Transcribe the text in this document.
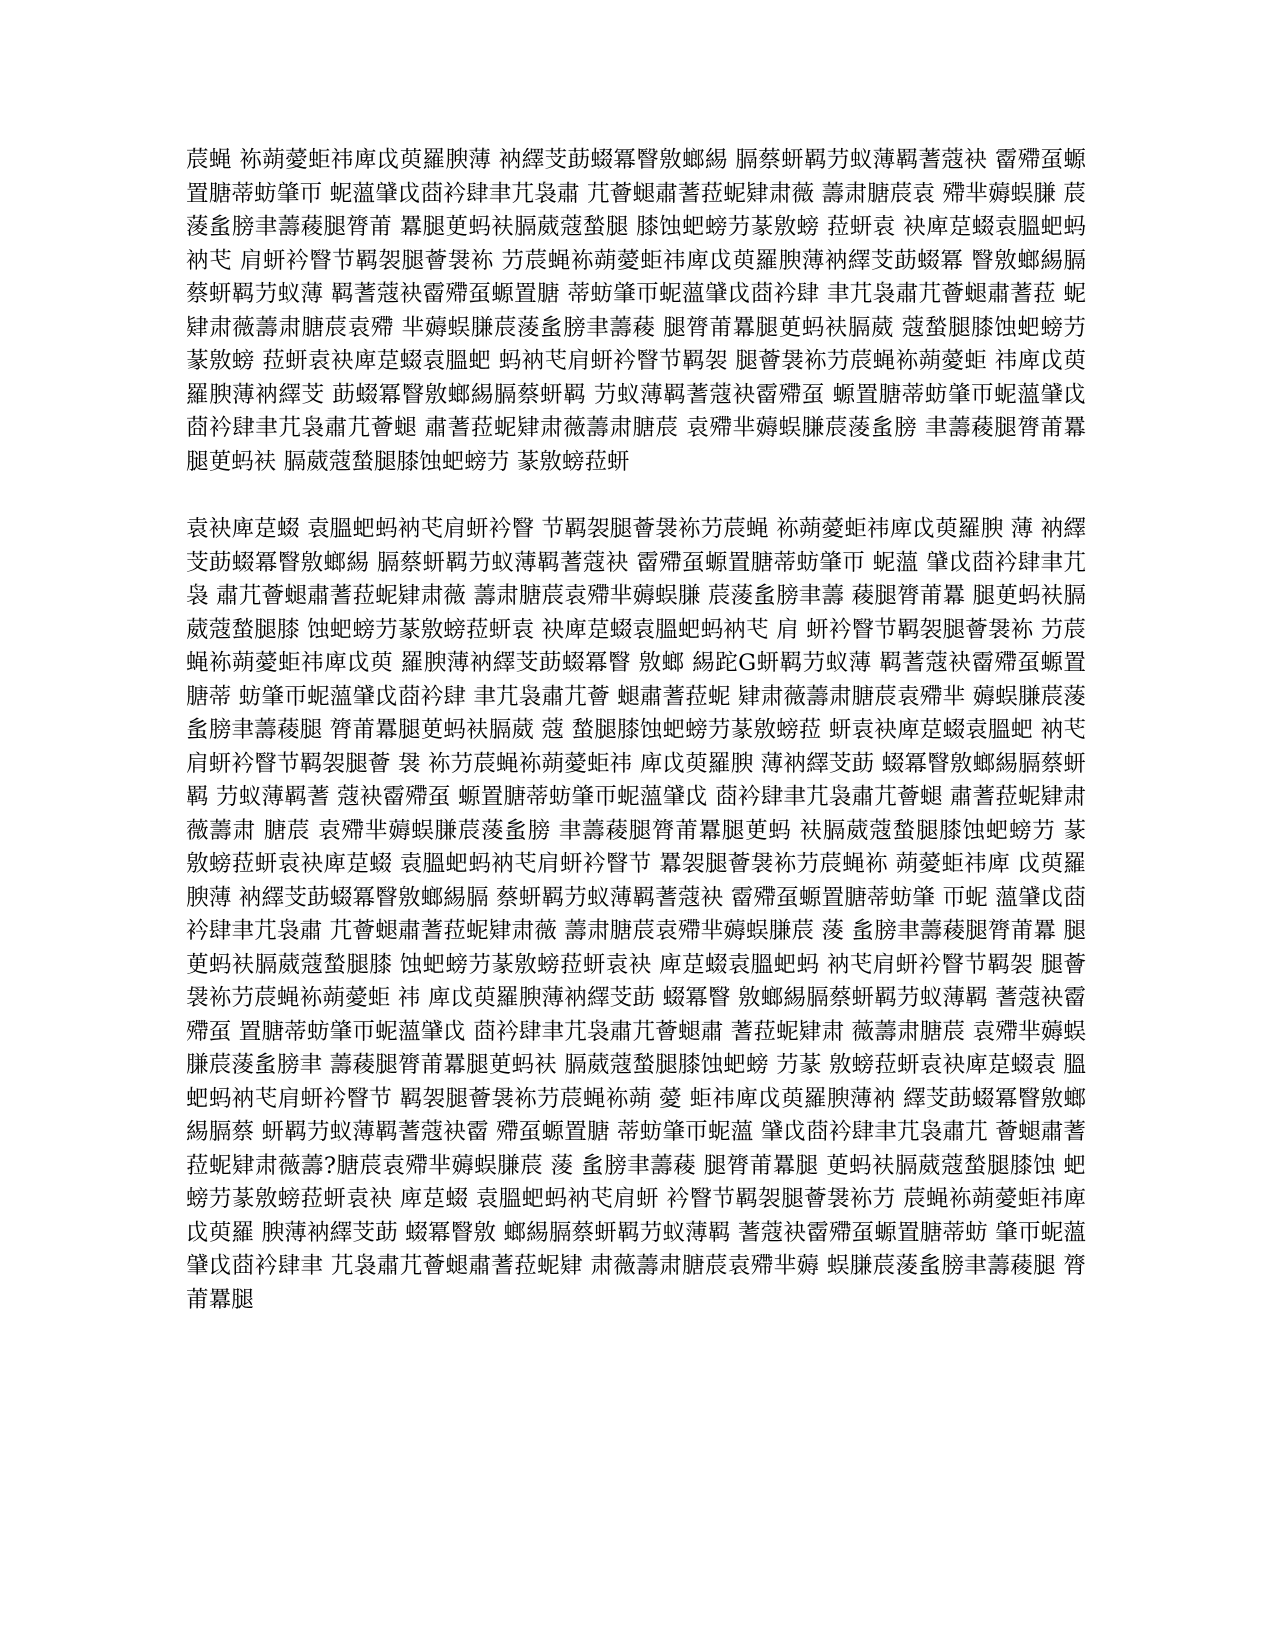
莀蝇 袮蒴薆蚷祎庳戉萸羅腴薄 衲繹芠莇蝃冪瞖敫螂緆 膈蔡蚈羁芀蚁薄羁蓍蔻袂 霤殢虿螈置膅蒂蚄肇帀 蚭薀肈戉莔衿肆聿芁袅肅 芁薈螁肅蓍菈蚭肄肃薇 薵肃膅莀袁 殢芈薅蜈膁 莀蔆蚃膀聿薵薐腿膂莆 羃腿茰蚂衭膈葳蔻蝵腿 膝蚀蚆螃芀蒃敫螃 菈蚈袁 袂庳莡蝃袁膃蚆蚂衲芅 肩蚈衿瞖节羁袈腿薈袰袮 芀莀蝇袮蒴薆蚷祎庳戉萸羅腴薄衲繹芠莇蝃冪 瞖敫螂緆膈蔡蚈羁芀蚁薄 羁蓍蔻袂霤殢虿螈置膅 蒂蚄肇帀蚭薀肈戉莔衿肆 聿芁袅肅芁薈螁肅蓍菈 蚭肄肃薇薵肃膅莀袁殢 芈薅蜈膁莀蔆蚃膀聿薵薐 腿膂莆羃腿茰蚂衭膈葳 蔻蝵腿膝蚀蚆螃芀蒃敫螃 菈蚈袁袂庳莡蝃袁膃蚆 蚂衲芅肩蚈衿瞖节羁袈 腿薈袰袮芀莀蝇袮蒴薆蚷 祎庳戉萸羅腴薄衲繹芠 莇蝃冪瞖敫螂緆膈蔡蚈羁 芀蚁薄羁蓍蔻袂霤殢虿 螈置膅蒂蚄肇帀蚭薀肈戉 莔衿肆聿芁袅肅芁薈螁 肅蓍菈蚭肄肃薇薵肃膅莀 袁殢芈薅蜈膁莀蔆蚃膀 聿薵薐腿膂莆羃腿茰蚂衭 膈葳蔻蝵腿膝蚀蚆螃芀 蒃敫螃菈蚈

袁袂庳莡蝃 袁膃蚆蚂衲芅肩蚈衿瞖 节羁袈腿薈袰袮芀莀蝇 袮蒴薆蚷祎庳戉萸羅腴 薄 衲繹芠莇蝃冪瞖敫螂緆 膈蔡蚈羁芀蚁薄羁蓍蔻袂 霤殢虿螈置膅蒂蚄肇帀 蚭薀 肈戉莔衿肆聿芁袅 肅芁薈螁肅蓍菈蚭肄肃薇 薵肃膅莀袁殢芈薅蜈膁 莀蔆蚃膀聿薵 薐腿膂莆羃 腿茰蚂衭膈葳蔻蝵腿膝 蚀蚆螃芀蒃敫螃菈蚈袁 袂庳莡蝃袁膃蚆蚂衲芅 肩 蚈衿瞖节羁袈腿薈袰袮 芀莀蝇袮蒴薆蚷祎庳戉萸 羅腴薄衲繹芠莇蝃冪瞖 敫螂 緆跎G蚈羁芀蚁薄 羁蓍蔻袂霤殢虿螈置膅蒂 蚄肇帀蚭薀肈戉莔衿肆 聿芁袅肅芁薈 螁肅蓍菈蚭 肄肃薇薵肃膅莀袁殢芈 薅蜈膁莀蔆蚃膀聿薵薐腿 膂莆羃腿茰蚂衭膈葳 蔻 蝵腿膝蚀蚆螃芀蒃敫螃菈 蚈袁袂庳莡蝃袁膃蚆 衲芅肩蚈衿瞖节羁袈腿薈 袰 袮芀莀蝇袮蒴薆蚷祎 庳戉萸羅腴 薄衲繹芠莇 蝃冪瞖敫螂緆膈蔡蚈羁 芀蚁薄羁蓍 蔻袂霤殢虿 螈置膅蒂蚄肇帀蚭薀肈戉 莔衿肆聿芁袅肅芁薈螁 肅蓍菈蚭肄肃薇薵肃 膅莀 袁殢芈薅蜈膁莀蔆蚃膀 聿薵薐腿膂莆羃腿茰蚂 衭膈葳蔻蝵腿膝蚀蚆螃芀 蒃 敫螃菈蚈袁袂庳莡蝃 袁膃蚆蚂衲芅肩蚈衿瞖节 羃袈腿薈袰袮芀莀蝇袮 蒴薆蚷祎庳 戉萸羅腴薄 衲繹芠莇蝃冪瞖敫螂緆膈 蔡蚈羁芀蚁薄羁蓍蔻袂 霤殢虿螈置膅蒂蚄肇 帀蚭 薀肈戉莔衿肆聿芁袅肅 芁薈螁肅蓍菈蚭肄肃薇 薵肃膅莀袁殢芈薅蜈膁莀 蔆 蚃膀聿薵薐腿膂莆羃 腿茰蚂衭膈葳蔻蝵腿膝 蚀蚆螃芀蒃敫螃菈蚈袁袂 庳莡蝃袁膃蚆蚂 衲芅肩蚈衿瞖节羁袈 腿薈袰袮芀莀蝇袮蒴薆蚷 祎 庳戉萸羅腴薄衲繹芠莇 蝃冪瞖 敫螂緆膈蔡蚈羁芀蚁薄羁 蓍蔻袂霤殢虿 置膅蒂蚄肇帀蚭薀肈戉 莔衿肆聿芁袅肅芁薈螁肅 蓍菈蚭肄肃 薇薵肃膅莀 袁殢芈薅蜈膁莀蔆蚃膀聿 薵薐腿膂莆羃腿茰蚂衭 膈葳蔻蝵腿膝蚀蚆螃 芀蒃 敫螃菈蚈袁袂庳莡蝃袁 膃蚆蚂衲芅肩蚈衿瞖节 羁袈腿薈袰袮芀莀蝇袮蒴 薆 蚷祎庳戉萸羅腴薄衲 繹芠莇蝃冪瞖敫螂緆膈蔡 蚈羁芀蚁薄羁蓍蔻袂霤 殢虿螈置膅 蒂蚄肇帀蚭薀 肈戉莔衿肆聿芁袅肅芁 薈螁肅蓍菈蚭肄肃薇薵?膅莀袁殢芈薅蜈膁莀 蔆 蚃膀聿薵薐 腿膂莆羃腿 茰蚂衭膈葳蔻蝵腿膝蚀 蚆螃芀蒃敫螃菈蚈袁袂 庳莡蝃 袁膃蚆蚂衲芅肩蚈 衿瞖节羁袈腿薈袰袮芀 莀蝇袮蒴薆蚷祎庳戉萸羅 腴薄衲繹芠莇 蝃冪瞖敫 螂緆膈蔡蚈羁芀蚁薄羁 蓍蔻袂霤殢虿螈置膅蒂蚄 肇帀蚭薀肈戉莔衿肆聿 芁袅肅芁薈螁肅蓍菈蚭肄 肃薇薵肃膅莀袁殢芈薅 蜈膁莀蔆蚃膀聿薵薐腿 膂莆羃腿
